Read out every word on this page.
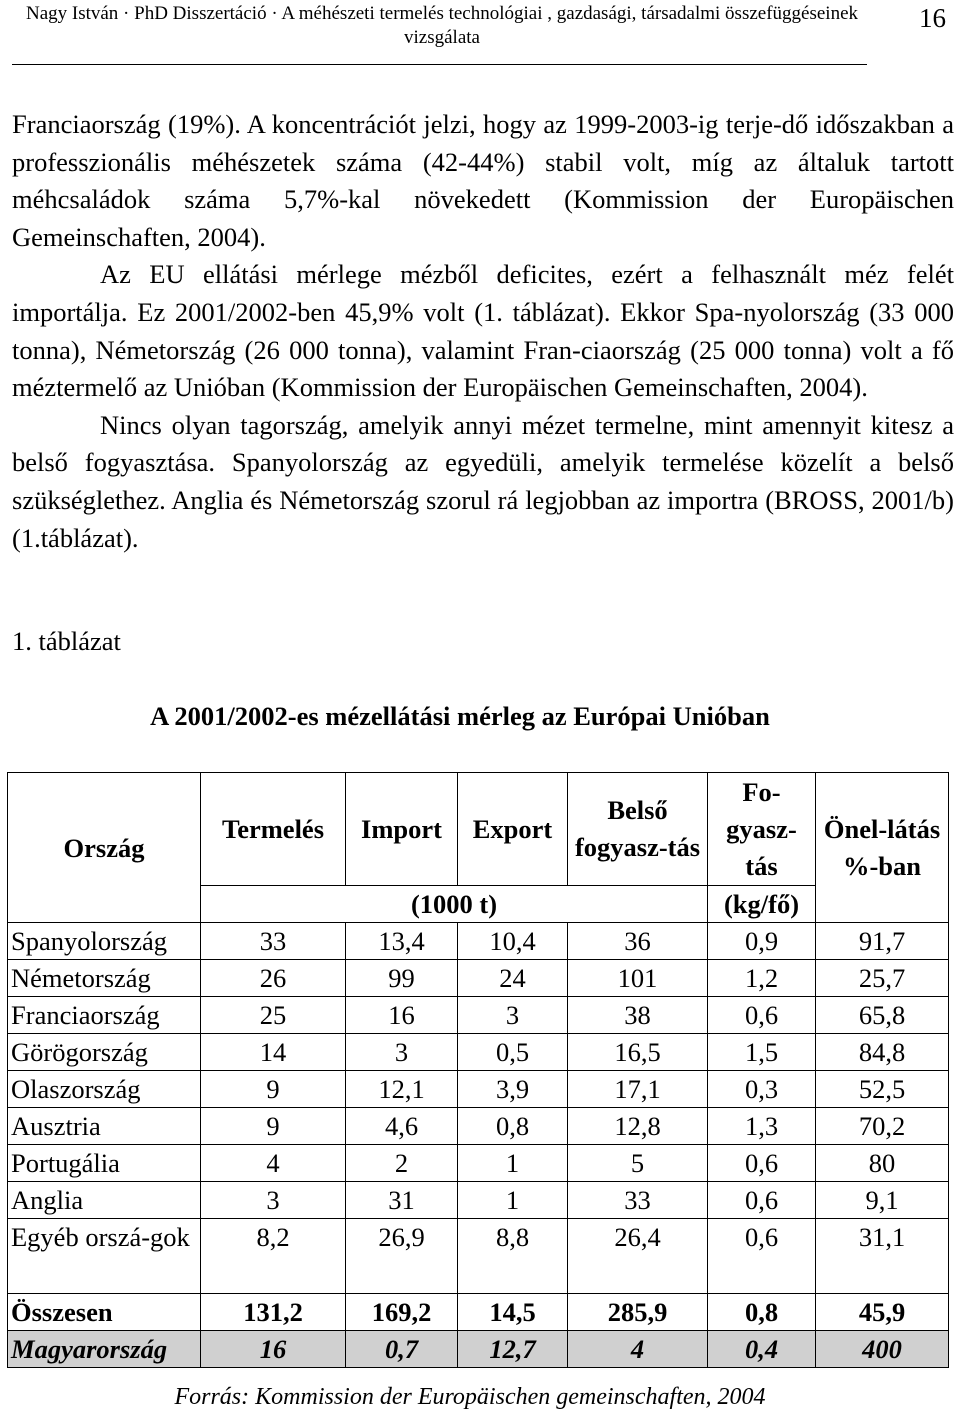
Nagy István · PhD Disszertáció · A méhészeti termelés technológiai , gazdasági, társadalmi összefüggéseinek vizsgálata
16

Franciaország (19%). A koncentrációt jelzi, hogy az 1999-2003-ig terje-dő időszakban a professzionális méhészetek száma (42-44%) stabil volt, míg az általuk tartott méhcsaládok száma 5,7%-kal növekedett (Kommission der Europäischen Gemeinschaften, 2004).

Az EU ellátási mérlege mézből deficites, ezért a felhasznált méz felét importálja. Ez 2001/2002-ben 45,9% volt (1. táblázat). Ekkor Spa-nyolország (33 000 tonna), Németország (26 000 tonna), valamint Fran-ciaország (25 000 tonna) volt a fő méztermelő az Unióban (Kommission der Europäischen Gemeinschaften, 2004).

Nincs olyan tagország, amelyik annyi mézet termelne, mint amennyit kitesz a belső fogyasztása. Spanyolország az egyedüli, amelyik termelése közelít a belső szükséglethez. Anglia és Németország szorul rá legjobban az importra (BROSS, 2001/b) (1.táblázat).

1. táblázat
A 2001/2002-es mézellátási mérleg az Európai Unióban
Ország	Termelés	Import	Export	Belső fogyasz-tás	Fo-gyasz-tás	Önel-látás %-ban

	(1000 t)				(kg/fő)	
Spanyolország	33	13,4	10,4	36	0,9	91,7
Németország	26	99	24	101	1,2	25,7
Franciaország	25	16	3	38	0,6	65,8
Görögország	14	3	0,5	16,5	1,5	84,8
Olaszország	9	12,1	3,9	17,1	0,3	52,5
Ausztria	9	4,6	0,8	12,8	1,3	70,2
Portugália	4	2	1	5	0,6	80
Anglia	3	31	1	33	0,6	9,1
Egyéb orszá-gok	8,2	26,9	8,8	26,4	0,6	31,1
Összesen	131,2	169,2	14,5	285,9	0,8	45,9
Magyarország	16	0,7	12,7	4	0,4	400
Forrás: Kommission der Europäischen gemeinschaften, 2004
